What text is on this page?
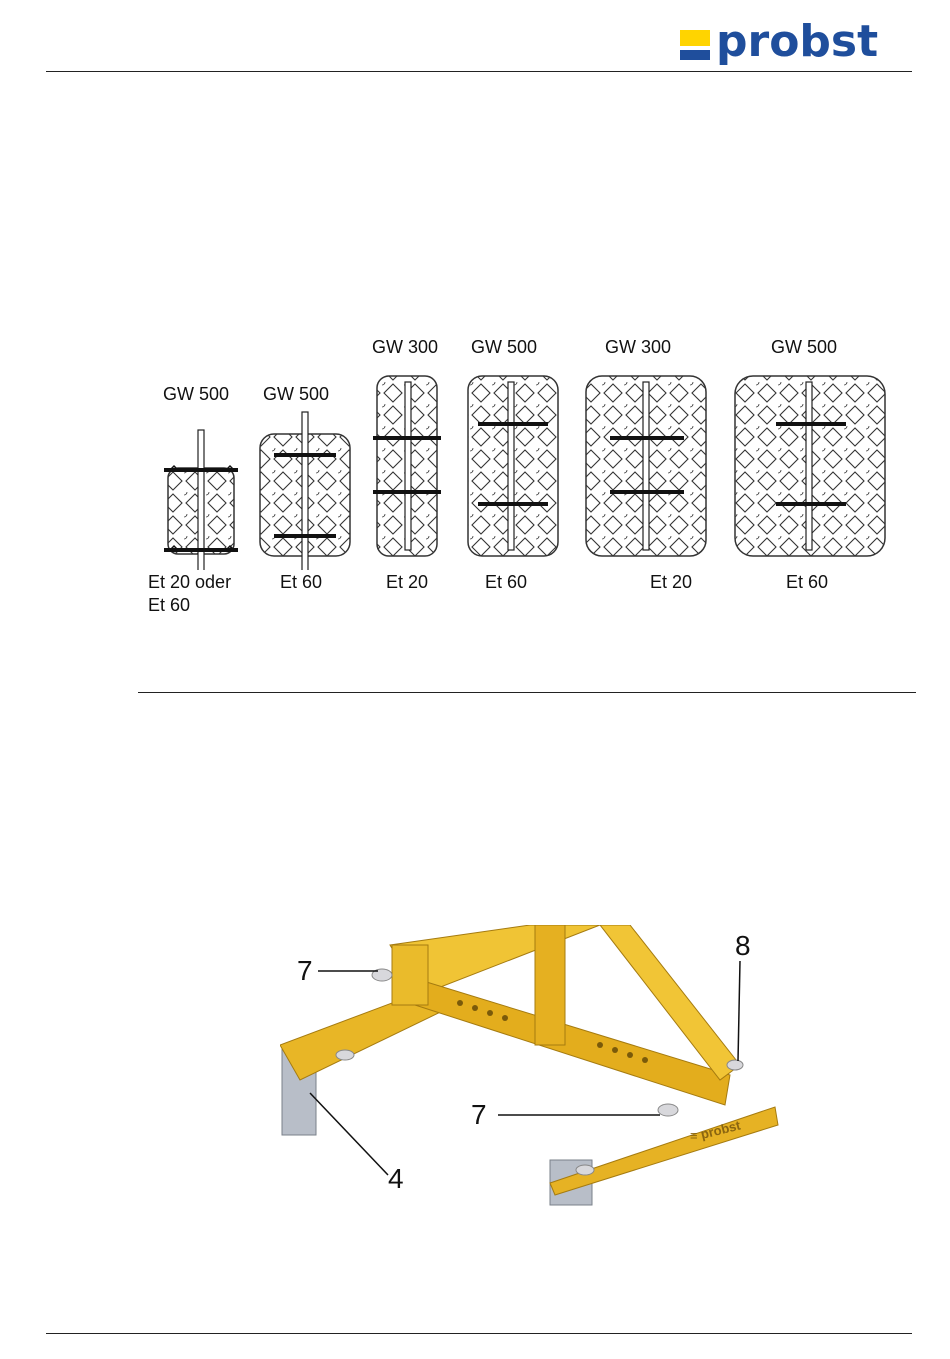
probst
GW 500 GW 500
GW 300 GW 500	GW 300	GW 500
Et 20 oder
Et 60
Et 60	Et 20	Et 60	Et 20	Et 60
≡ probst
7
8
7
4
